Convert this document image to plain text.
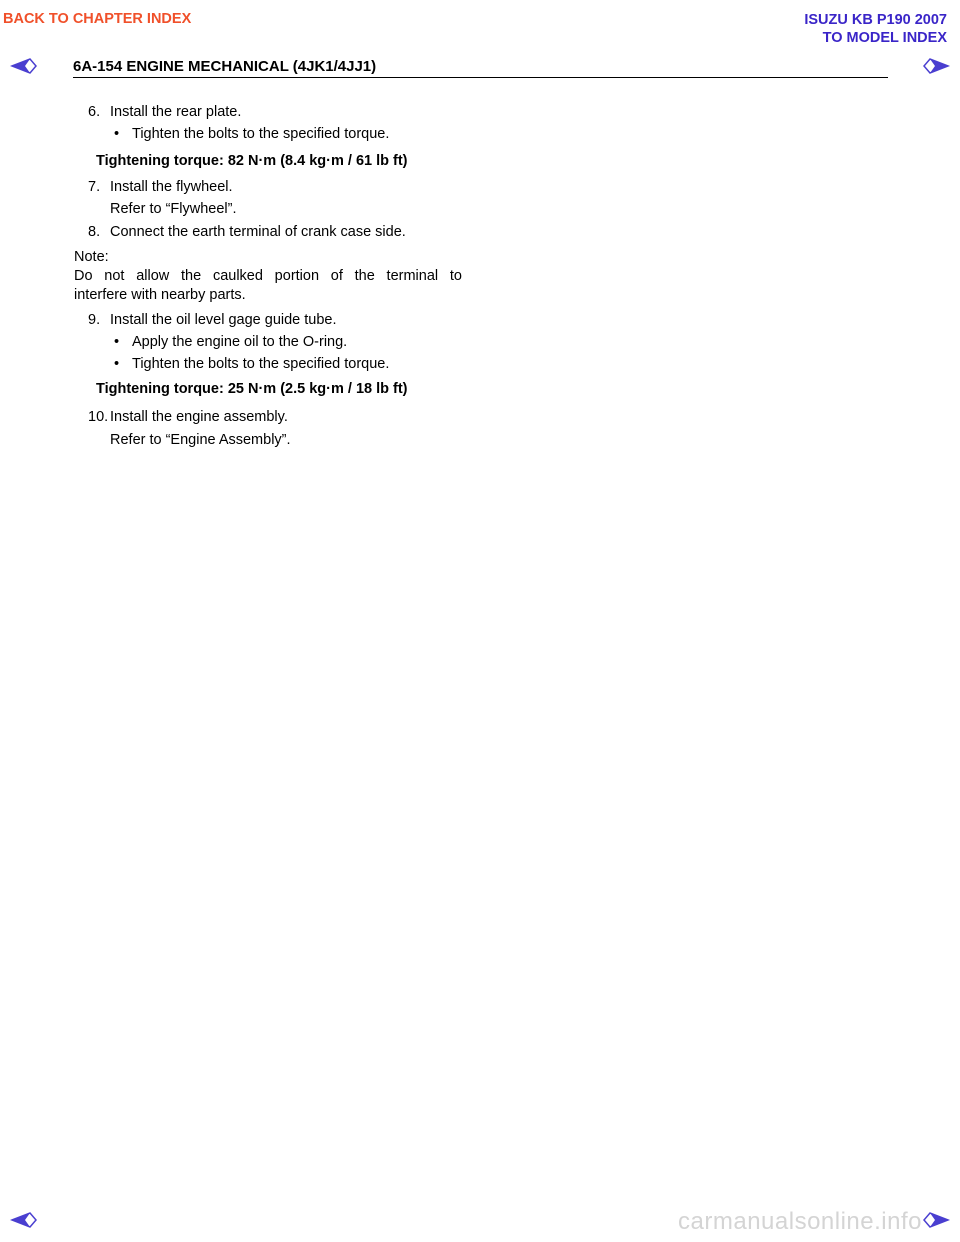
BACK TO CHAPTER INDEX	ISUZU KB P190 2007
TO MODEL INDEX
6A-154 ENGINE MECHANICAL (4JK1/4JJ1)
6. Install the rear plate.
• Tighten the bolts to the specified torque.
Tightening torque: 82 N·m (8.4 kg·m / 61 lb ft)
7. Install the flywheel.
Refer to “Flywheel”.
8. Connect the earth terminal of crank case side.
Note:
Do not allow the caulked portion of the terminal to
interfere with nearby parts.
9. Install the oil level gage guide tube.
• Apply the engine oil to the O-ring.
• Tighten the bolts to the specified torque.
Tightening torque: 25 N·m (2.5 kg·m / 18 lb ft)
10. Install the engine assembly.
Refer to “Engine Assembly”.
carmanualsonline.info
